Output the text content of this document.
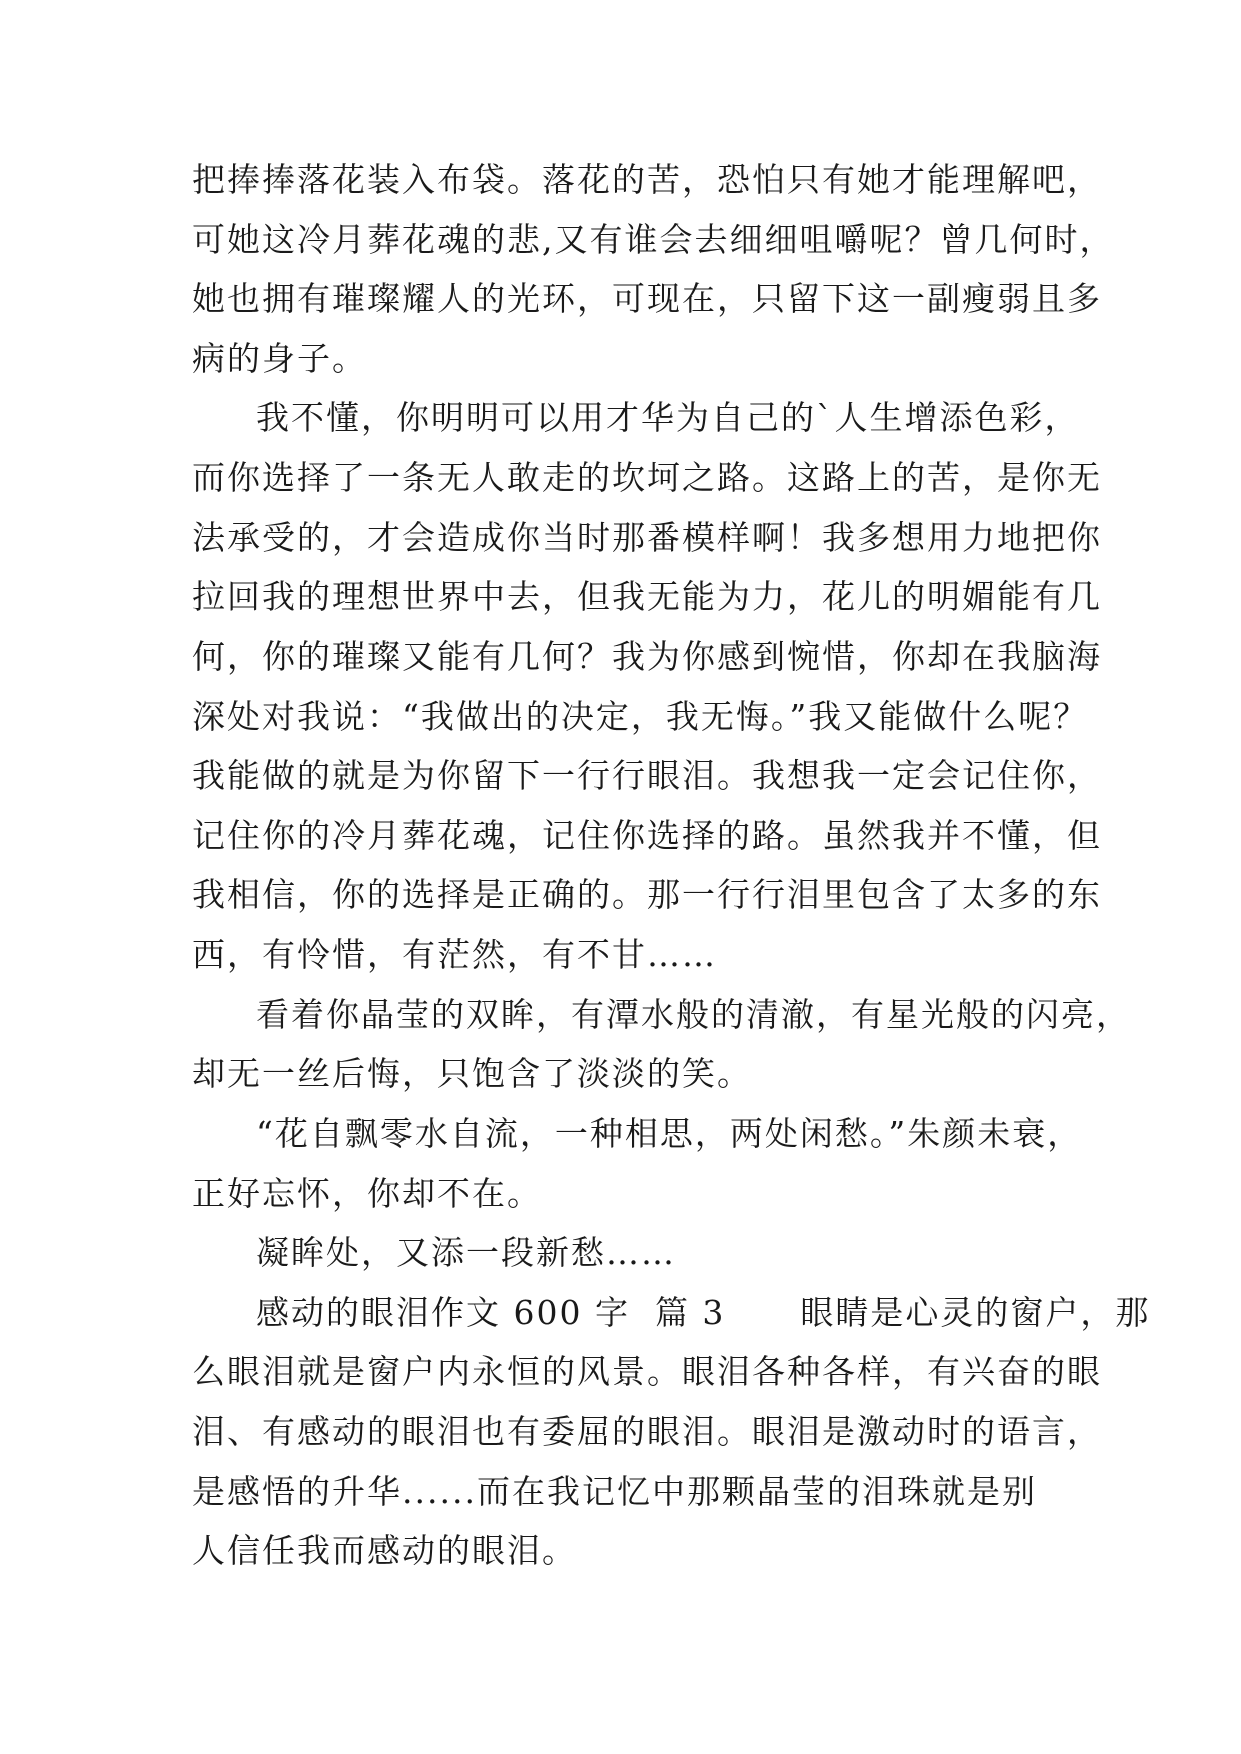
把捧捧落花装入布袋。落花的苦，恐怕只有她才能理解吧，
可她这冷月葬花魂的悲,又有谁会去细细咀嚼呢？曾几何时，
她也拥有璀璨耀人的光环，可现在，只留下这一副瘦弱且多
病的身子。
我不懂，你明明可以用才华为自己的`人生增添色彩，
而你选择了一条无人敢走的坎坷之路。这路上的苦，是你无
法承受的，才会造成你当时那番模样啊！我多想用力地把你
拉回我的理想世界中去，但我无能为力，花儿的明媚能有几
何，你的璀璨又能有几何？我为你感到惋惜，你却在我脑海
深处对我说：“我做出的决定，我无悔。”我又能做什么呢？
我能做的就是为你留下一行行眼泪。我想我一定会记住你，
记住你的冷月葬花魂，记住你选择的路。虽然我并不懂，但
我相信，你的选择是正确的。那一行行泪里包含了太多的东
西，有怜惜，有茫然，有不甘……
看着你晶莹的双眸，有潭水般的清澈，有星光般的闪亮，
却无一丝后悔，只饱含了淡淡的笑。
“花自飘零水自流，一种相思，两处闲愁。”朱颜未衰，
正好忘怀，你却不在。
凝眸处，又添一段新愁……
感动的眼泪作文 600 字  篇 3      眼睛是心灵的窗户，那
么眼泪就是窗户内永恒的风景。眼泪各种各样，有兴奋的眼
泪、有感动的眼泪也有委屈的眼泪。眼泪是激动时的语言，
是感悟的升华......而在我记忆中那颗晶莹的泪珠就是别
人信任我而感动的眼泪。
